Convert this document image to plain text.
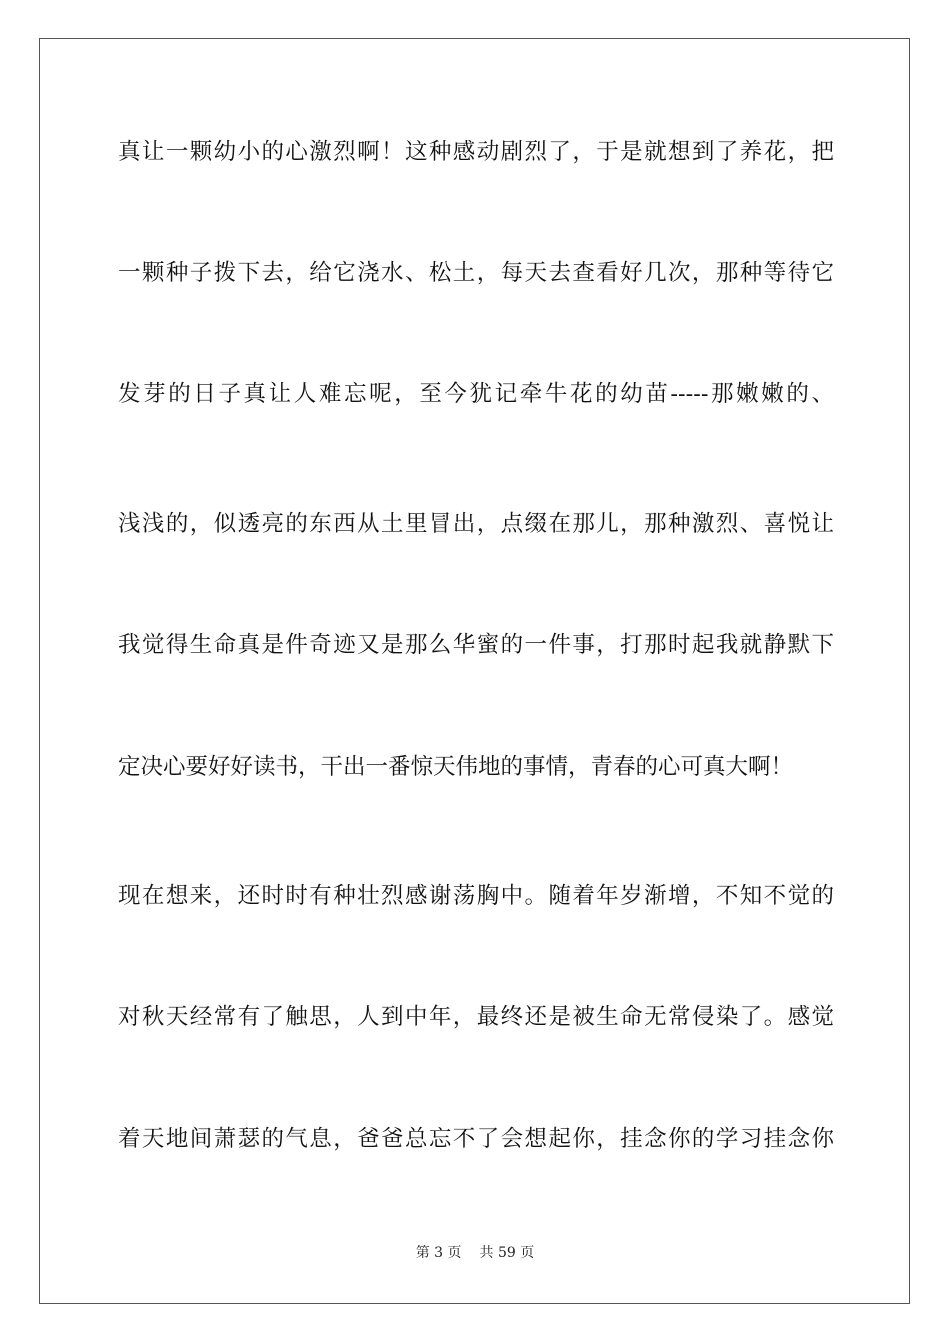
真让一颗幼小的心激烈啊！这种感动剧烈了，于是就想到了养花，把
一颗种子拨下去，给它浇水、松土，每天去查看好几次，那种等待它
发芽的日子真让人难忘呢，至今犹记牵牛花的幼苗-----那嫩嫩的、
浅浅的，似透亮的东西从土里冒出，点缀在那儿，那种激烈、喜悦让
我觉得生命真是件奇迹又是那么华蜜的一件事，打那时起我就静默下
定决心要好好读书，干出一番惊天伟地的事情，青春的心可真大啊！
现在想来，还时时有种壮烈感谢荡胸中。随着年岁渐增，不知不觉的
对秋天经常有了触思，人到中年，最终还是被生命无常侵染了。感觉
着天地间萧瑟的气息，爸爸总忘不了会想起你，挂念你的学习挂念你
第 3 页 共 59 页
